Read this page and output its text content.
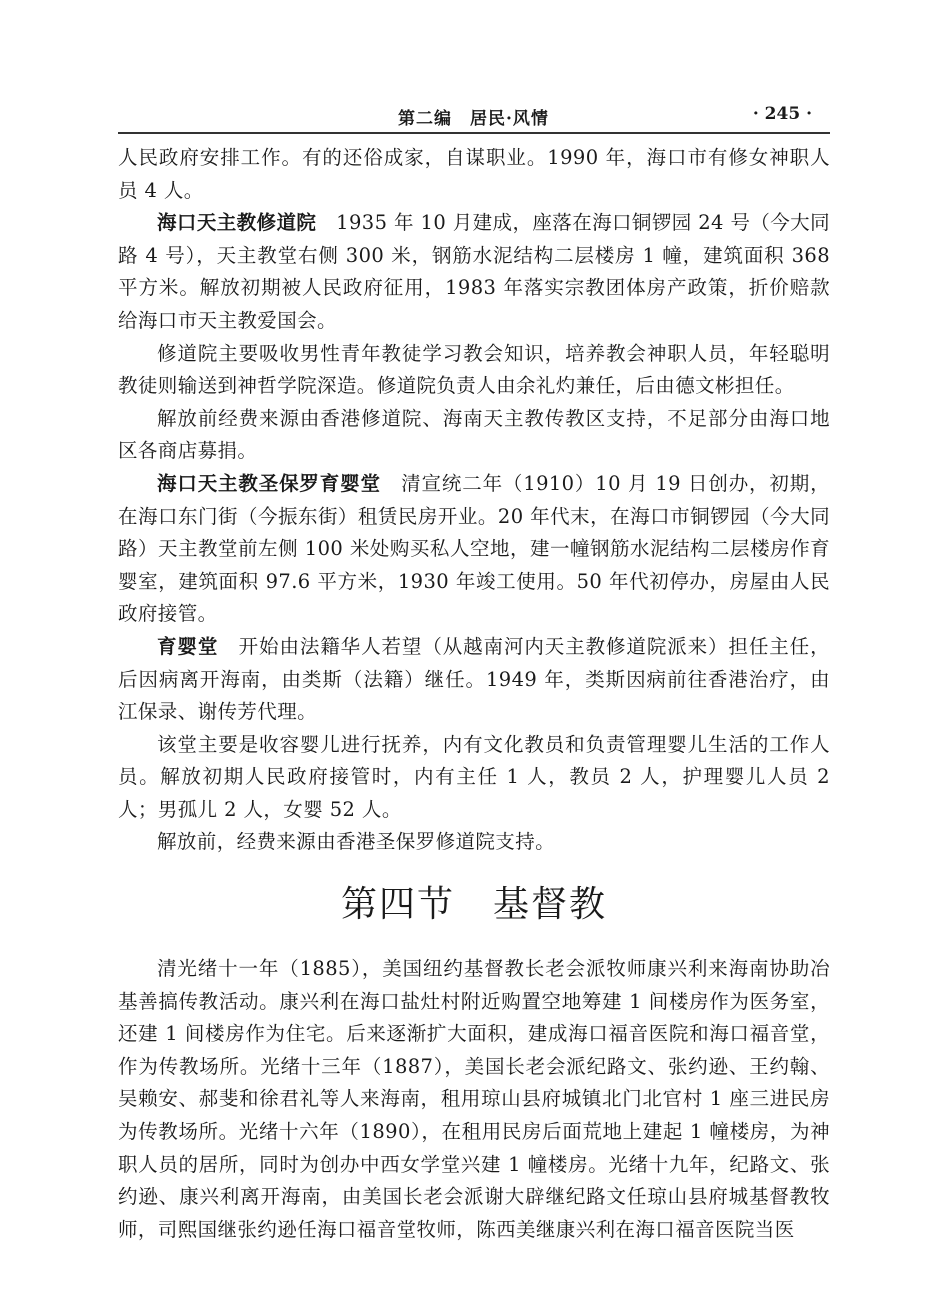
第二编　居民·风情	· 245 ·

人民政府安排工作。有的还俗成家，自谋职业。1990 年，海口市有修女神职人员 4 人。

海口天主教修道院　1935 年 10 月建成，座落在海口铜锣园 24 号（今大同路 4 号），天主教堂右侧 300 米，钢筋水泥结构二层楼房 1 幢，建筑面积 368 平方米。解放初期被人民政府征用，1983 年落实宗教团体房产政策，折价赔款给海口市天主教爱国会。

修道院主要吸收男性青年教徒学习教会知识，培养教会神职人员，年轻聪明教徒则输送到神哲学院深造。修道院负责人由余礼灼兼任，后由德文彬担任。

解放前经费来源由香港修道院、海南天主教传教区支持，不足部分由海口地区各商店募捐。

海口天主教圣保罗育婴堂　清宣统二年（1910）10 月 19 日创办，初期，在海口东门街（今振东街）租赁民房开业。20 年代末，在海口市铜锣园（今大同路）天主教堂前左侧 100 米处购买私人空地，建一幢钢筋水泥结构二层楼房作育婴室，建筑面积 97.6 平方米，1930 年竣工使用。50 年代初停办，房屋由人民政府接管。

育婴堂　开始由法籍华人若望（从越南河内天主教修道院派来）担任主任，后因病离开海南，由类斯（法籍）继任。1949 年，类斯因病前往香港治疗，由江保录、谢传芳代理。

该堂主要是收容婴儿进行抚养，内有文化教员和负责管理婴儿生活的工作人员。解放初期人民政府接管时，内有主任 1 人，教员 2 人，护理婴儿人员 2 人；男孤儿 2 人，女婴 52 人。

解放前，经费来源由香港圣保罗修道院支持。

第四节 基督教

清光绪十一年（1885），美国纽约基督教长老会派牧师康兴利来海南协助冶基善搞传教活动。康兴利在海口盐灶村附近购置空地筹建 1 间楼房作为医务室，还建 1 间楼房作为住宅。后来逐渐扩大面积，建成海口福音医院和海口福音堂，作为传教场所。光绪十三年（1887），美国长老会派纪路文、张约逊、王约翰、吴赖安、郝斐和徐君礼等人来海南，租用琼山县府城镇北门北官村 1 座三进民房为传教场所。光绪十六年（1890），在租用民房后面荒地上建起 1 幢楼房，为神职人员的居所，同时为创办中西女学堂兴建 1 幢楼房。光绪十九年，纪路文、张约逊、康兴利离开海南，由美国长老会派谢大辟继纪路文任琼山县府城基督教牧师，司熙国继张约逊任海口福音堂牧师，陈西美继康兴利在海口福音医院当医
